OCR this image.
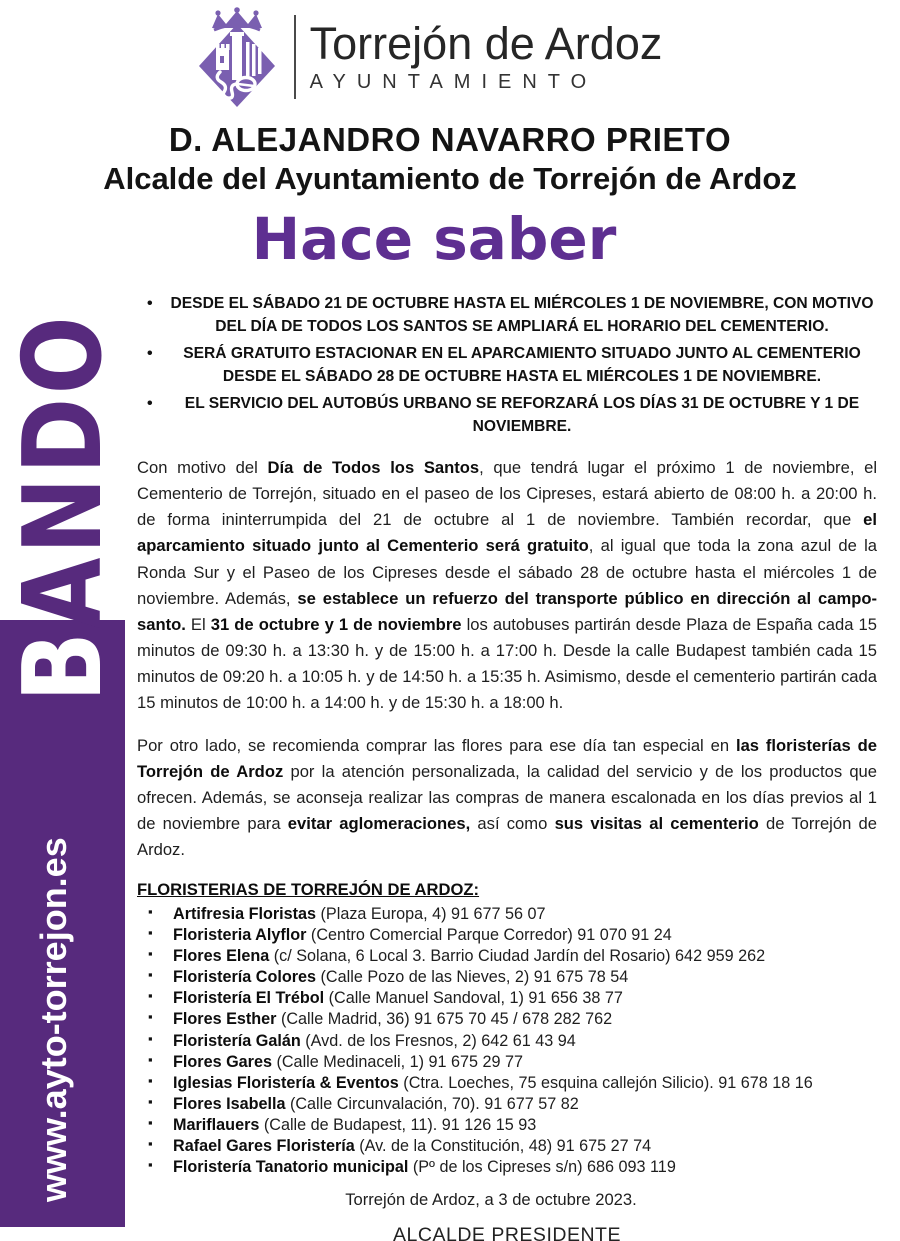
BANDO
www.ayto-torrejon.es
Torrejón de Ardoz
AYUNTAMIENTO
D. ALEJANDRO NAVARRO PRIETO
Alcalde del Ayuntamiento de Torrejón de Ardoz
Hace saber
• DESDE EL SÁBADO 21 DE OCTUBRE HASTA EL MIÉRCOLES 1 DE NOVIEMBRE, CON MOTIVO DEL DÍA DE TODOS LOS SANTOS SE AMPLIARÁ EL HORARIO DEL CEMENTERIO.
• SERÁ GRATUITO ESTACIONAR EN EL APARCAMIENTO SITUADO JUNTO AL CEMENTERIO DESDE EL SÁBADO 28 DE OCTUBRE HASTA EL MIÉRCOLES 1 DE NOVIEMBRE.
• EL SERVICIO DEL AUTOBÚS URBANO SE REFORZARÁ LOS DÍAS 31 DE OCTUBRE Y 1 DE NOVIEMBRE.

Con motivo del Día de Todos los Santos, que tendrá lugar el próximo 1 de noviembre, el Cementerio de Torrejón, situado en el paseo de los Cipreses, estará abierto de 08:00 h. a 20:00 h. de forma ininterrumpida del 21 de octubre al 1 de noviembre. También recordar, que el aparcamiento situado junto al Cementerio será gratuito, al igual que toda la zona azul de la Ronda Sur y el Paseo de los Cipreses desde el sábado 28 de octubre hasta el miércoles 1 de noviembre. Además, se establece un refuerzo del transporte público en dirección al campo-santo. El 31 de octubre y 1 de noviembre los autobuses partirán desde Plaza de España cada 15 minutos de 09:30 h. a 13:30 h. y de 15:00 h. a 17:00 h. Desde la calle Budapest también cada 15 minutos de 09:20 h. a 10:05 h. y de 14:50 h. a 15:35 h. Asimismo, desde el cementerio partirán cada 15 minutos de 10:00 h. a 14:00 h. y de 15:30 h. a 18:00 h.

Por otro lado, se recomienda comprar las flores para ese día tan especial en las floristerías de Torrejón de Ardoz por la atención personalizada, la calidad del servicio y de los productos que ofrecen. Además, se aconseja realizar las compras de manera escalonada en los días previos al 1 de noviembre para evitar aglomeraciones, así como sus visitas al cementerio de Torrejón de Ardoz.

FLORISTERIAS DE TORREJÓN DE ARDOZ:
▪ Artifresia Floristas (Plaza Europa, 4) 91 677 56 07
▪ Floristeria Alyflor (Centro Comercial Parque Corredor) 91 070 91 24
▪ Flores Elena (c/ Solana, 6 Local 3. Barrio Ciudad Jardín del Rosario) 642 959 262
▪ Floristería Colores (Calle Pozo de las Nieves, 2) 91 675 78 54
▪ Floristería El Trébol (Calle Manuel Sandoval, 1) 91 656 38 77
▪ Flores Esther (Calle Madrid, 36) 91 675 70 45 / 678 282 762
▪ Floristería Galán (Avd. de los Fresnos, 2) 642 61 43 94
▪ Flores Gares (Calle Medinaceli, 1) 91 675 29 77
▪ Iglesias Floristería & Eventos (Ctra. Loeches, 75 esquina callejón Silicio). 91 678 18 16
▪ Flores Isabella (Calle Circunvalación, 70). 91 677 57 82
▪ Mariflauers (Calle de Budapest, 11). 91 126 15 93
▪ Rafael Gares Floristería (Av. de la Constitución, 48) 91 675 27 74
▪ Floristería Tanatorio municipal (Pº de los Cipreses s/n) 686 093 119
Torrejón de Ardoz, a 3 de octubre 2023.
ALCALDE PRESIDENTE
